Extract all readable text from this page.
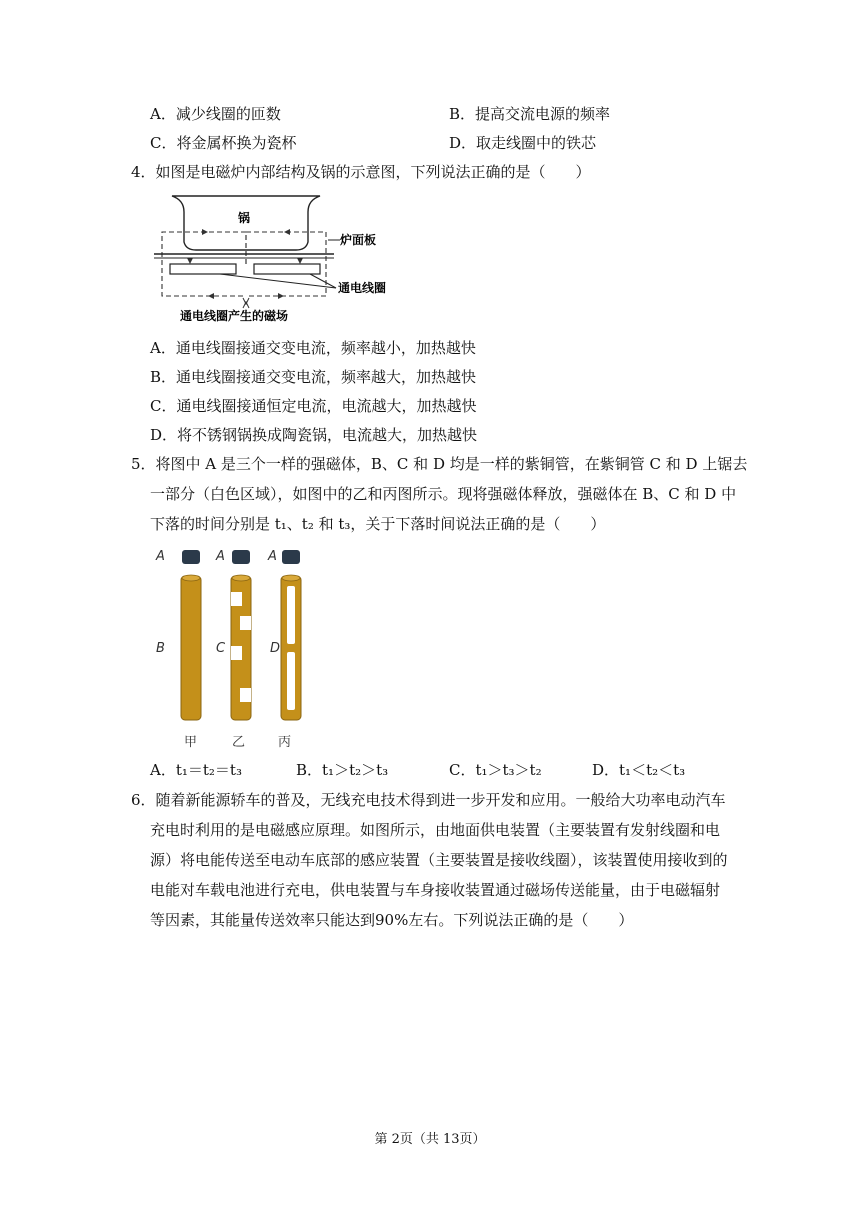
A．减少线圈的匝数	B．提高交流电源的频率
C．将金属杯换为瓷杯	D．取走线圈中的铁芯
4．如图是电磁炉内部结构及锅的示意图，下列说法正确的是（　　）
锅
炉面板
通电线圈
通电线圈产生的磁场
A．通电线圈接通交变电流，频率越小，加热越快
B．通电线圈接通交变电流，频率越大，加热越快
C．通电线圈接通恒定电流，电流越大，加热越快
D．将不锈钢锅换成陶瓷锅，电流越大，加热越快
5．将图中 A 是三个一样的强磁体，B、C 和 D 均是一样的紫铜管，在紫铜管 C 和 D 上锯去
一部分（白色区域），如图中的乙和丙图所示。现将强磁体释放，强磁体在 B、C 和 D 中
下落的时间分别是 t₁、t₂ 和 t₃，关于下落时间说法正确的是（　　）
A	A	A
B	C	D
甲	乙	丙
A．t₁＝t₂＝t₃	B．t₁＞t₂＞t₃	C．t₁＞t₃＞t₂	D．t₁＜t₂＜t₃
6．随着新能源轿车的普及，无线充电技术得到进一步开发和应用。一般给大功率电动汽车
充电时利用的是电磁感应原理。如图所示，由地面供电装置（主要装置有发射线圈和电
源）将电能传送至电动车底部的感应装置（主要装置是接收线圈），该装置使用接收到的
电能对车载电池进行充电，供电装置与车身接收装置通过磁场传送能量，由于电磁辐射
等因素，其能量传送效率只能达到90%左右。下列说法正确的是（　　）
第 2页（共 13页）
